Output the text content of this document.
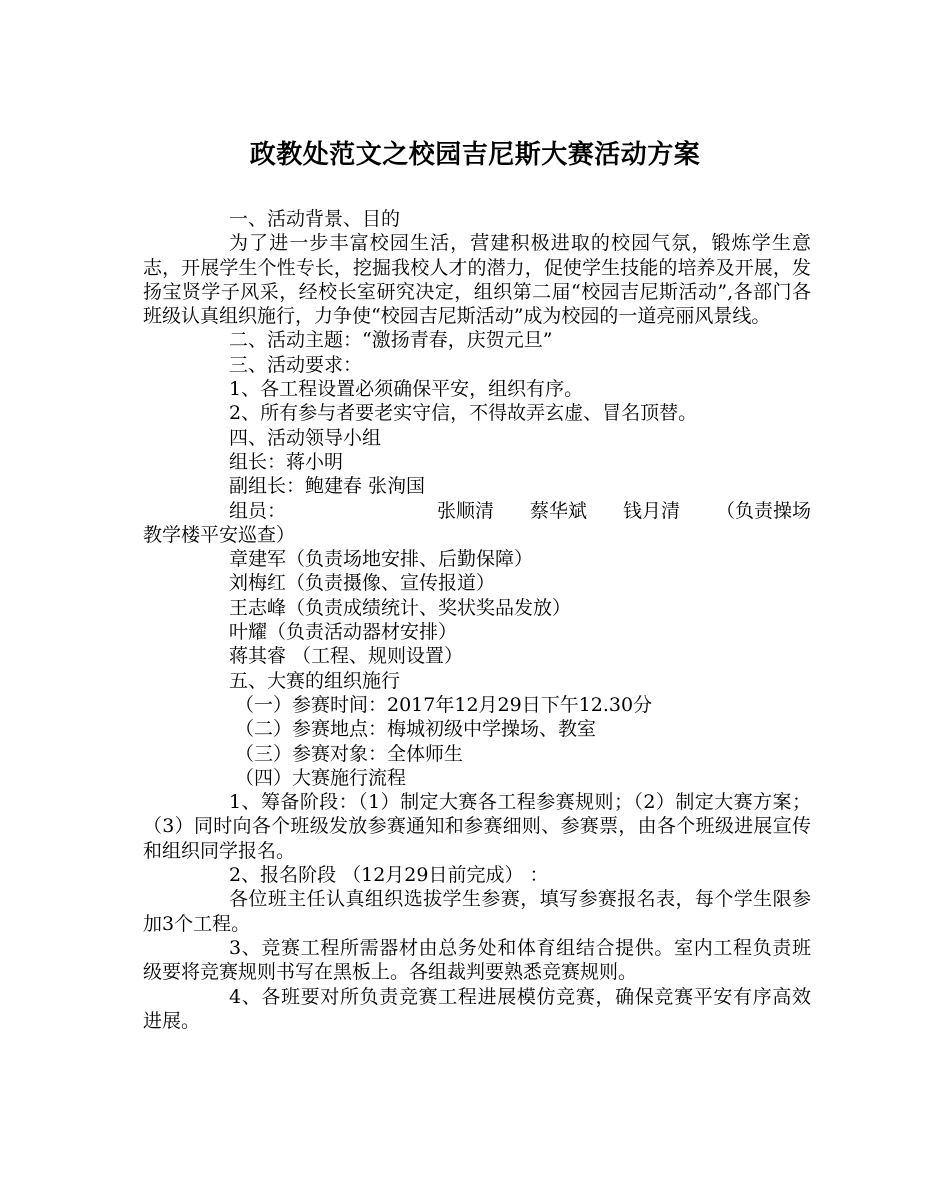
政教处范文之校园吉尼斯大赛活动方案

一、活动背景、目的

为了进一步丰富校园生活，营建积极进取的校园气氛，锻炼学生意志，开展学生个性专长，挖掘我校人才的潜力，促使学生技能的培养及开展，发扬宝贤学子风采，经校长室研究决定，组织第二届“校园吉尼斯活动”,各部门各班级认真组织施行，力争使“校园吉尼斯活动”成为校园的一道亮丽风景线。

二、活动主题：“激扬青春，庆贺元旦”

三、活动要求：

1、各工程设置必须确保平安，组织有序。

2、所有参与者要老实守信，不得故弄玄虚、冒名顶替。

四、活动领导小组

组长：蒋小明

副组长：鲍建春 张洵国

组员：	张顺清 蔡华斌 钱月清 （负责操场

教学楼平安巡查）

章建军（负责场地安排、后勤保障）

刘梅红（负责摄像、宣传报道）

王志峰（负责成绩统计、奖状奖品发放）

叶耀（负责活动器材安排）

蒋其睿 （工程、规则设置）

五、大赛的组织施行

（一）参赛时间：2017年12月29日下午12.30分

（二）参赛地点：梅城初级中学操场、教室

（三）参赛对象：全体师生

（四）大赛施行流程

1、筹备阶段：（1）制定大赛各工程参赛规则；（2）制定大赛方案；（3）同时向各个班级发放参赛通知和参赛细则、参赛票，由各个班级进展宣传和组织同学报名。

2、报名阶段 （12月29日前完成） ：

各位班主任认真组织选拔学生参赛，填写参赛报名表，每个学生限参加3个工程。

3、竞赛工程所需器材由总务处和体育组结合提供。室内工程负责班级要将竞赛规则书写在黑板上。各组裁判要熟悉竞赛规则。

4、各班要对所负责竞赛工程进展模仿竞赛，确保竞赛平安有序高效进展。
